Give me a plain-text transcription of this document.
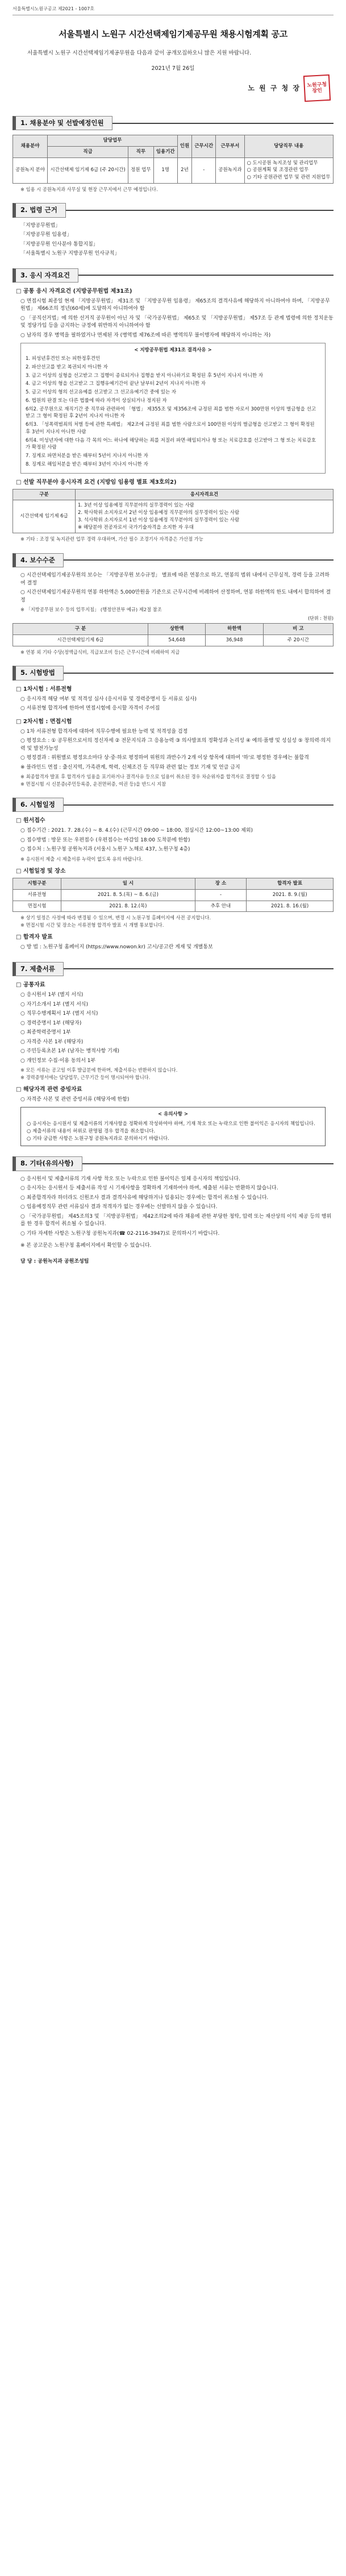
서울특별시노원구공고 제2021 - 1007호
서울특별시 노원구 시간선택제임기제공무원 채용시험계획 공고

서울특별시 노원구 시간선택제임기제공무원을 다음과 같이 공개모집하오니 많은 지원 바랍니다.

2021년 7월 26일
노 원 구 청 장	노원구청장인
1. 채용분야 및 선발예정인원
채용분야	담당업무			인원	근무시간	근무부서	당당직무 내용
	직급	직무	임용기간				
공원녹지 분야	시간선택제 임기제 6급 (주 20시간)	정원 업무	1명	2년	-	공원녹지과	○ 도시공원 녹지조성 및 관리업무
○ 공원계획 및 조경관련 업무
○ 기타 공원관련 업무 및 관련 지원업무
※ 임용 시 공원녹지과 사무실 및 현장 근무지에서 근무 예정입니다.
2. 법령 근거
「지방공무원법」
「지방공무원 임용령」
「지방공무원 인사분야 통합지침」
「서울특별시 노원구 지방공무원 인사규칙」
3. 응시 자격요건
□ 공통 응시 자격요건 (지방공무원법 제31조)
○ 면접시험 최종일 현재 「지방공무원법」 제31조 및 「지방공무원 임용령」 제65조의 결격사유에 해당하지 아니하여야 하며, 「지방공무원법」 제66조의 정년(60세)에 도달하지 아니하여야 함
○ 「공직선거법」에 의한 선거직 공무원이 아닌 자 및 「국가공무원법」 제65조 및 「지방공무원법」 제57조 등 관계 법령에 의한 정치운동 및 정당가입 등을 금지하는 규정에 위반하지 아니하여야 함
○ 남자의 경우 병역을 필하였거나 면제된 자 (병역법 제76조에 따른 병역의무 불이행자에 해당하지 아니하는 자)
< 지방공무원법 제31조 결격사유 >
1. 피성년후견인 또는 피한정후견인
2. 파산선고를 받고 복권되지 아니한 자
3. 금고 이상의 실형을 선고받고 그 집행이 종료되거나 집행을 받지 아니하기로 확정된 후 5년이 지나지 아니한 자
4. 금고 이상의 형을 선고받고 그 집행유예기간이 끝난 날부터 2년이 지나지 아니한 자
5. 금고 이상의 형의 선고유예를 선고받고 그 선고유예기간 중에 있는 자
6. 법원의 판결 또는 다른 법률에 따라 자격이 상실되거나 정지된 자
6의2. 공무원으로 재직기간 중 직무와 관련하여 「형법」 제355조 및 제356조에 규정된 죄를 범한 자로서 300만원 이상의 벌금형을 선고받고 그 형이 확정된 후 2년이 지나지 아니한 자
6의3. 「성폭력범죄의 처벌 등에 관한 특례법」 제2조에 규정된 죄를 범한 사람으로서 100만원 이상의 벌금형을 선고받고 그 형이 확정된 후 3년이 지나지 아니한 사람
6의4. 미성년자에 대한 다음 각 목의 어느 하나에 해당하는 죄를 저질러 파면·해임되거나 형 또는 치료감호를 선고받아 그 형 또는 치료감호가 확정된 사람
7. 징계로 파면처분을 받은 때부터 5년이 지나지 아니한 자
8. 징계로 해임처분을 받은 때부터 3년이 지나지 아니한 자
□ 선발 직무분야 응시자격 요건 (지방임 임용령 별표 제3호의2)
구분	응시자격요건
시간선택제 임기제 6급	1. 3년 이상 임용예정 직무분야의 실무경력이 있는 사람
2. 학사학위 소지자로서 2년 이상 임용예정 직무분야의 실무경력이 있는 사람
3. 석사학위 소지자로서 1년 이상 임용예정 직무분야의 실무경력이 있는 사람
※ 해당분야 전공자로서 국가기술자격을 소지한 자 우대
※ 기타 : 조경 및 녹지관련 업무 경력 우대하며, 가산 필수 조경기사 자격증은 가산점 가능
4. 보수수준
○ 시간선택제임기제공무원의 보수는 「지방공무원 보수규정」 별표에 따른 연봉으로 하고, 연봉의 범위 내에서 근무실적, 경력 등을 고려하여 결정
○ 시간선택제임기제공무원의 연봉 하한액은 5,000만원을 기준으로 근무시간에 비례하여 산정하며, 연봉 하한액의 한도 내에서 합의하여 결정
※ 「지방공무원 보수 등의 업무지침」 (행정안전부 예규) 제2절 참조
(단위 : 천원)
구 분	상한액	하한액	비 고
시간선택제임기제 6급	54,648	36,948	주 20시간
※ 연봉 외 기타 수당(정액급식비, 직급보조비 등)은 근무시간에 비례하여 지급
5. 시험방법
□ 1차시험 : 서류전형
○ 응시자격 해당 여부 및 적격성 심사 (응시서류 및 경력증명서 등 서류로 심사)
○ 서류전형 합격자에 한하여 면접시험에 응시할 자격이 주어짐
□ 2차시험 : 면접시험
○ 1차 서류전형 합격자에 대하여 직무수행에 필요한 능력 및 적격성을 검정
○ 평정요소 : ① 공무원으로서의 정신자세 ② 전문지식과 그 응용능력 ③ 의사발표의 정확성과 논리성 ④ 예의·품행 및 성실성 ⑤ 창의력·의지력 및 발전가능성
○ 평정결과 : 위원별로 평정요소마다 상·중·하로 평정하여 위원의 과반수가 2개 이상 항목에 대하여 '하'로 평정한 경우에는 불합격
※ 블라인드 면접 : 출신지역, 가족관계, 학력, 신체조건 등 직무와 관련 없는 정보 기재 및 언급 금지
※ 최종합격자 발표 후 합격자가 임용을 포기하거나 결격사유 등으로 임용이 취소된 경우 차순위자를 합격자로 결정할 수 있음
※ 면접시험 시 신분증(주민등록증, 운전면허증, 여권 등)을 반드시 지참
6. 시험일정
□ 원서접수
○ 접수기간 : 2021. 7. 28.(수) ~ 8. 4.(수) (근무시간 09:00 ~ 18:00, 점심시간 12:00~13:00 제외)
○ 접수방법 : 방문 또는 우편접수 (우편접수는 마감일 18:00 도착분에 한함)
○ 접수처 : 노원구청 공원녹지과 (서울시 노원구 노해로 437, 노원구청 4층)
※ 응시원서 제출 시 제출서류 누락이 없도록 유의 바랍니다.
□ 시험일정 및 장소
시험구분	일 시	장 소	합격자 발표
서류전형	2021. 8. 5.(목) ~ 8. 6.(금)	-	2021. 8. 9.(월)
면접시험	2021. 8. 12.(목)	추후 안내	2021. 8. 16.(월)
※ 상기 일정은 사정에 따라 변경될 수 있으며, 변경 시 노원구청 홈페이지에 사전 공지합니다.
※ 면접시험 시간 및 장소는 서류전형 합격자 발표 시 개별 통보합니다.
□ 합격자 발표
○ 방 법 : 노원구청 홈페이지 (https://www.nowon.kr) 고시/공고란 게재 및 개별통보
7. 제출서류
□ 공통자료
○ 응시원서 1부 (별지 서식)
○ 자기소개서 1부 (별지 서식)
○ 직무수행계획서 1부 (별지 서식)
○ 경력증명서 1부 (해당자)
○ 최종학력증명서 1부
○ 자격증 사본 1부 (해당자)
○ 주민등록초본 1부 (남자는 병적사항 기재)
○ 개인정보 수집·이용 동의서 1부
※ 모든 서류는 공고일 이후 발급분에 한하며, 제출서류는 반환하지 않습니다.
※ 경력증명서에는 담당업무, 근무기간 등이 명시되어야 합니다.
□ 해당자격 관련 증빙자료
○ 자격증 사본 및 관련 증빙서류 (해당자에 한함)
< 유의사항 >
○ 응시자는 응시원서 및 제출서류의 기재사항을 정확하게 작성하여야 하며, 기재 착오 또는 누락으로 인한 불이익은 응시자의 책임입니다.
○ 제출서류의 내용이 허위로 판명될 경우 합격을 취소합니다.
○ 기타 궁금한 사항은 노원구청 공원녹지과로 문의하시기 바랍니다.
8. 기타(유의사항)
○ 응시원서 및 제출서류의 기재 사항 착오 또는 누락으로 인한 불이익은 일체 응시자의 책임입니다.
○ 응시자는 응시원서 등 제출서류 작성 시 기재사항을 정확하게 기재하여야 하며, 제출된 서류는 반환하지 않습니다.
○ 최종합격자라 하더라도 신원조사 결과 결격사유에 해당하거나 임용되는 경우에는 합격이 취소될 수 있습니다.
○ 임용예정직무 관련 서류심사 결과 적격자가 없는 경우에는 선발하지 않을 수 있습니다.
○ 「국가공무원법」 제45조의3 및 「지방공무원법」 제42조의2에 따라 채용에 관한 부당한 청탁, 압력 또는 재산상의 이익 제공 등의 행위를 한 경우 합격이 취소될 수 있습니다.
○ 기타 자세한 사항은 노원구청 공원녹지과(☎ 02-2116-3947)로 문의하시기 바랍니다.
※ 본 공고문은 노원구청 홈페이지에서 확인할 수 있습니다.
담 당 : 공원녹지과 공원조성팀
